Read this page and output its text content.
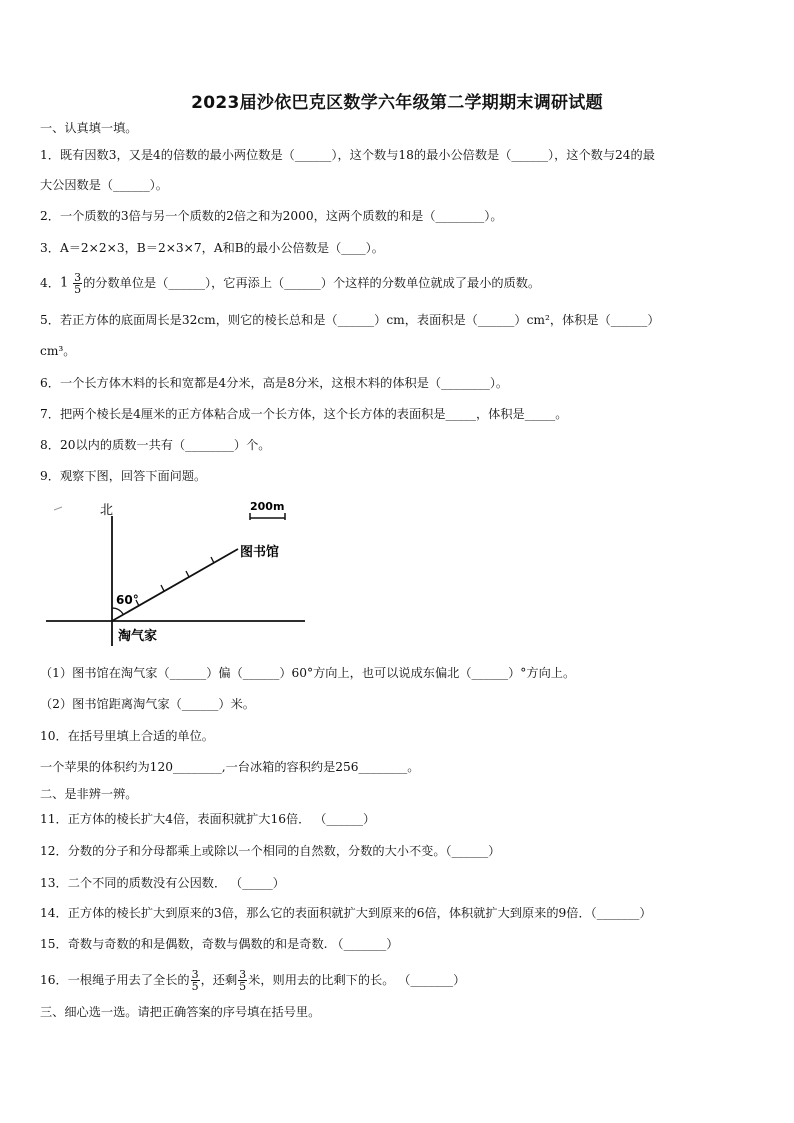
2023届沙依巴克区数学六年级第二学期期末调研试题
一、认真填一填。
1．既有因数3，又是4的倍数的最小两位数是（______），这个数与18的最小公倍数是（______），这个数与24的最
大公因数是（______）。
2．一个质数的3倍与另一个质数的2倍之和为2000，这两个质数的和是（________）。
3．A＝2×2×3，B＝2×3×7，A和B的最小公倍数是（____）。
4． $1 \frac{3}{5}$ 的分数单位是（______），它再添上（______）个这样的分数单位就成了最小的质数。
5．若正方体的底面周长是32cm，则它的棱长总和是（______）cm，表面积是（______）cm²，体积是（______）
cm³。
6．一个长方体木料的长和宽都是4分米，高是8分米，这根木料的体积是（________）。
7．把两个棱长是4厘米的正方体粘合成一个长方体，这个长方体的表面积是_____，体积是_____。
8．20以内的质数一共有（________）个。
9．观察下图，回答下面问题。
北	200m
图书馆
60°
淘气家
（1）图书馆在淘气家（______）偏（______）60°方向上，也可以说成东偏北（______）°方向上。
（2）图书馆距离淘气家（______）米。
10．在括号里填上合适的单位。
一个苹果的体积约为120________,一台冰箱的容积约是256________。
二、是非辨一辨。
11．正方体的棱长扩大4倍，表面积就扩大16倍． （______）
12．分数的分子和分母都乘上或除以一个相同的自然数，分数的大小不变。（______）
13．二个不同的质数没有公因数． （_____）
14．正方体的棱长扩大到原来的3倍，那么它的表面积就扩大到原来的6倍，体积就扩大到原来的9倍．（_______）
15．奇数与奇数的和是偶数，奇数与偶数的和是奇数. （_______）
16．一根绳子用去了全长的 $\frac{3}{5}$ ，还剩 $\frac{3}{5}$ 米，则用去的比剩下的长。 （_______）
三、细心选一选。请把正确答案的序号填在括号里。
